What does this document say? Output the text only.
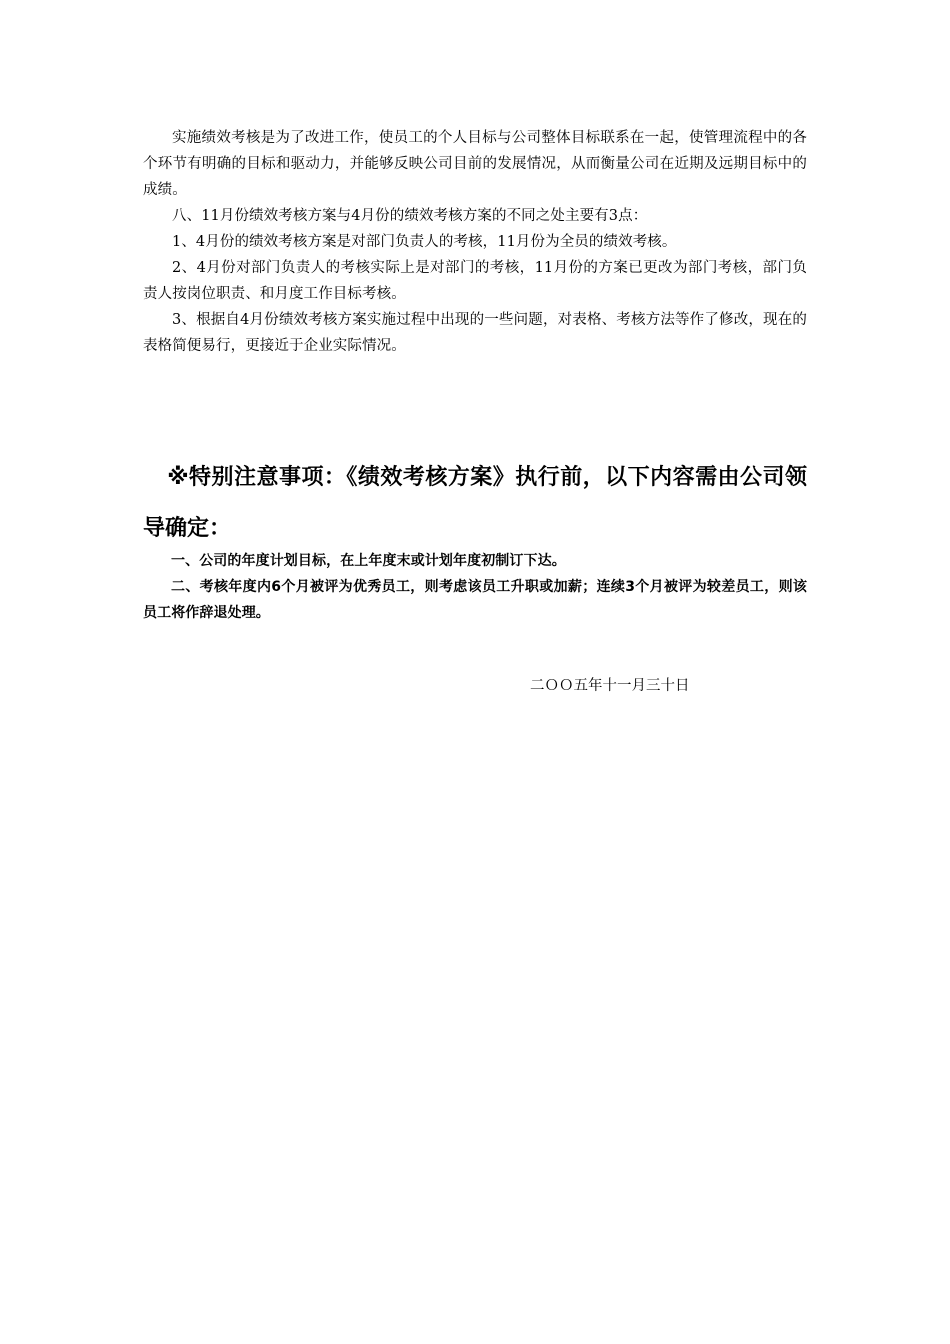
实施绩效考核是为了改进工作，使员工的个人目标与公司整体目标联系在一起，使管理流程中的各个环节有明确的目标和驱动力，并能够反映公司目前的发展情况，从而衡量公司在近期及远期目标中的成绩。

八、11月份绩效考核方案与4月份的绩效考核方案的不同之处主要有3点：

1、4月份的绩效考核方案是对部门负责人的考核，11月份为全员的绩效考核。

2、4月份对部门负责人的考核实际上是对部门的考核，11月份的方案已更改为部门考核，部门负责人按岗位职责、和月度工作目标考核。

3、根据自4月份绩效考核方案实施过程中出现的一些问题，对表格、考核方法等作了修改，现在的表格简便易行，更接近于企业实际情况。

※特别注意事项：《绩效考核方案》执行前，以下内容需由公司领导确定：

一、公司的年度计划目标，在上年度末或计划年度初制订下达。

二、考核年度内6个月被评为优秀员工，则考虑该员工升职或加薪；连续3个月被评为较差员工，则该员工将作辞退处理。

二ＯＯ五年十一月三十日
